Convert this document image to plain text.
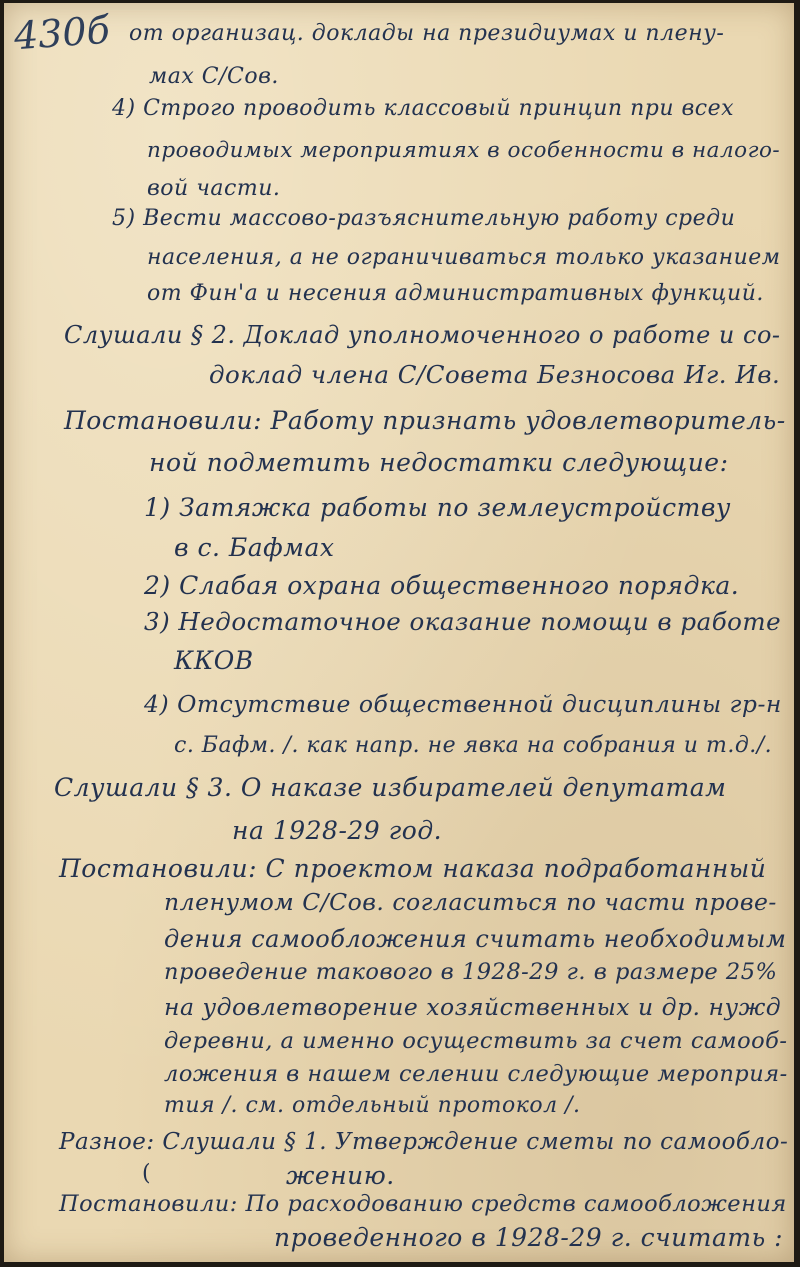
430б от организац. доклады на президиумах и плену-

мах С/Сов.

4) Строго проводить классовый принцип при всех

проводимых мероприятиях в особенности в налого-

вой части.

5) Вести массово-разъяснительную работу среди

населения, а не ограничиваться только указанием

от Фин'а и несения административных функций.

Слушали § 2. Доклад уполномоченного о работе и со-

доклад члена С/Совета Безносова Иг. Ив.

Постановили: Работу признать удовлетворитель-

ной подметить недостатки следующие:

1) Затяжка работы по землеустройству

в с. Бафмах

2) Слабая охрана общественного порядка.

3) Недостаточное оказание помощи в работе

ККОВ

4) Отсутствие общественной дисциплины гр-н

с. Бафм. /. как напр. не явка на собрания и т.д./.

Слушали § 3. О наказе избирателей депутатам

на 1928-29 год.

Постановили: С проектом наказа подработанный

пленумом С/Сов. согласиться по части прове-

дения самообложения считать необходимым

проведение такового в 1928-29 г. в размере 25%

на удовлетворение хозяйственных и др. нужд

деревни, а именно осуществить за счет самооб-

ложения в нашем селении следующие мероприя-

тия /. см. отдельный протокол /.

Разное: Слушали § 1. Утверждение сметы по самообло-

(	жению.

Постановили: По расходованию средств самообложения

проведенного в 1928-29 г. считать :
